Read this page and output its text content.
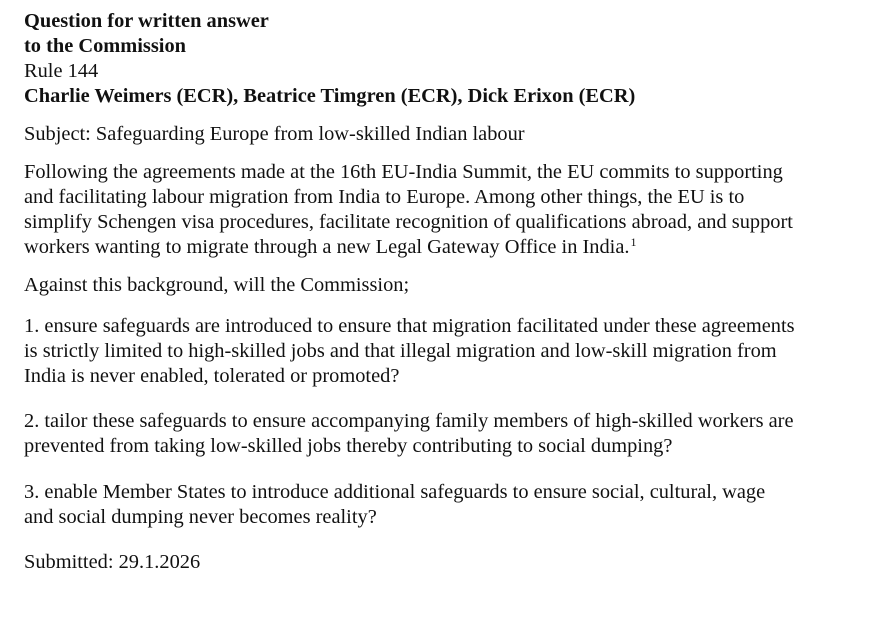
Question for written answer
to the Commission
Rule 144
Charlie Weimers (ECR), Beatrice Timgren (ECR), Dick Erixon (ECR)
Subject: Safeguarding Europe from low-skilled Indian labour
Following the agreements made at the 16th EU-India Summit, the EU commits to supporting
and facilitating labour migration from India to Europe. Among other things, the EU is to
simplify Schengen visa procedures, facilitate recognition of qualifications abroad, and support
workers wanting to migrate through a new Legal Gateway Office in India.$^1$
Against this background, will the Commission;
1. ensure safeguards are introduced to ensure that migration facilitated under these agreements
is strictly limited to high-skilled jobs and that illegal migration and low-skill migration from
India is never enabled, tolerated or promoted?
2. tailor these safeguards to ensure accompanying family members of high-skilled workers are
prevented from taking low-skilled jobs thereby contributing to social dumping?
3. enable Member States to introduce additional safeguards to ensure social, cultural, wage
and social dumping never becomes reality?
Submitted: 29.1.2026
